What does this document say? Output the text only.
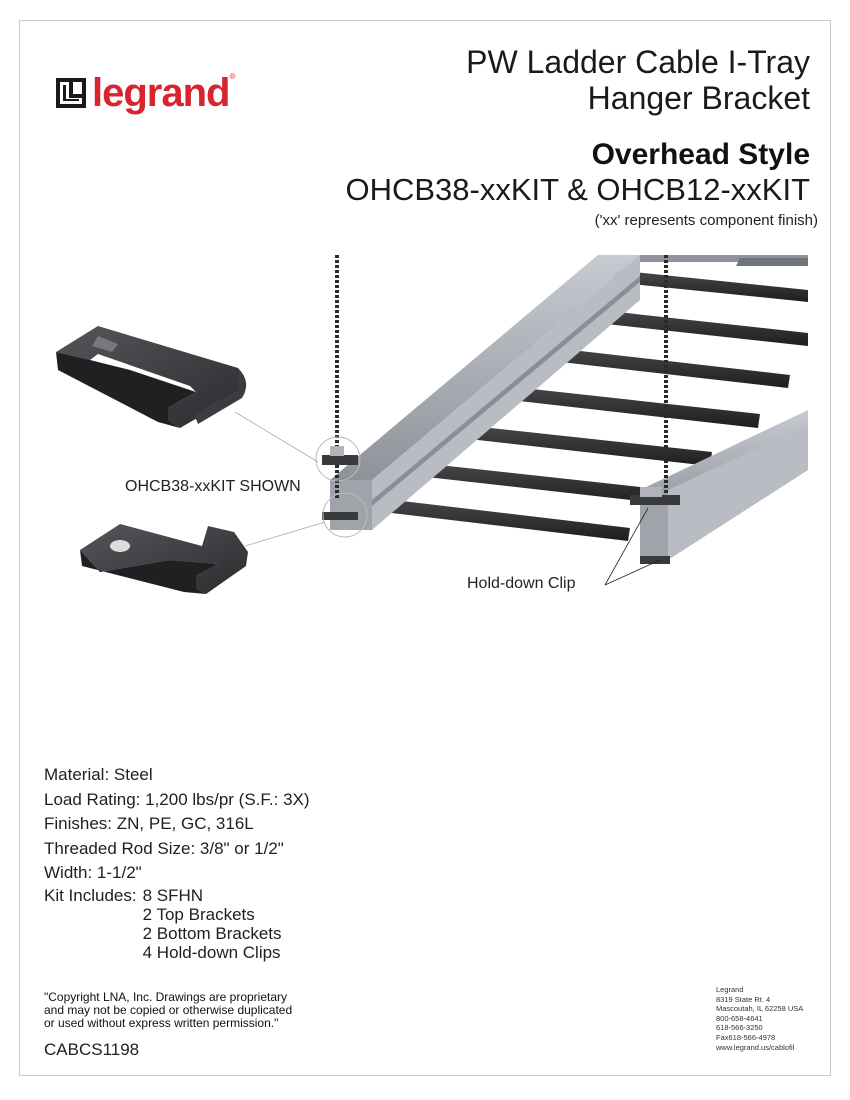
legrand ®	PW Ladder Cable I-Tray
Hanger Bracket
Overhead Style
OHCB38-xxKIT & OHCB12-xxKIT
('xx' represents component finish)
OHCB38-xxKIT SHOWN
Hold-down Clip
Material: Steel
Load Rating: 1,200 lbs/pr (S.F.: 3X)
Finishes: ZN, PE, GC, 316L
Threaded Rod Size: 3/8" or 1/2"
Width: 1-1/2"
Kit Includes: 8 SFHN
2 Top Brackets
2 Bottom Brackets
4 Hold-down Clips
"Copyright LNA, Inc. Drawings are proprietary
and may not be copied or otherwise duplicated
or used without express written permission."
CABCS1198
Legrand
8319 State Rt. 4
Mascoutah, IL 62258 USA
800-658-4641
618-566-3250
Fax618-566-4978
www.legrand.us/cablofil
